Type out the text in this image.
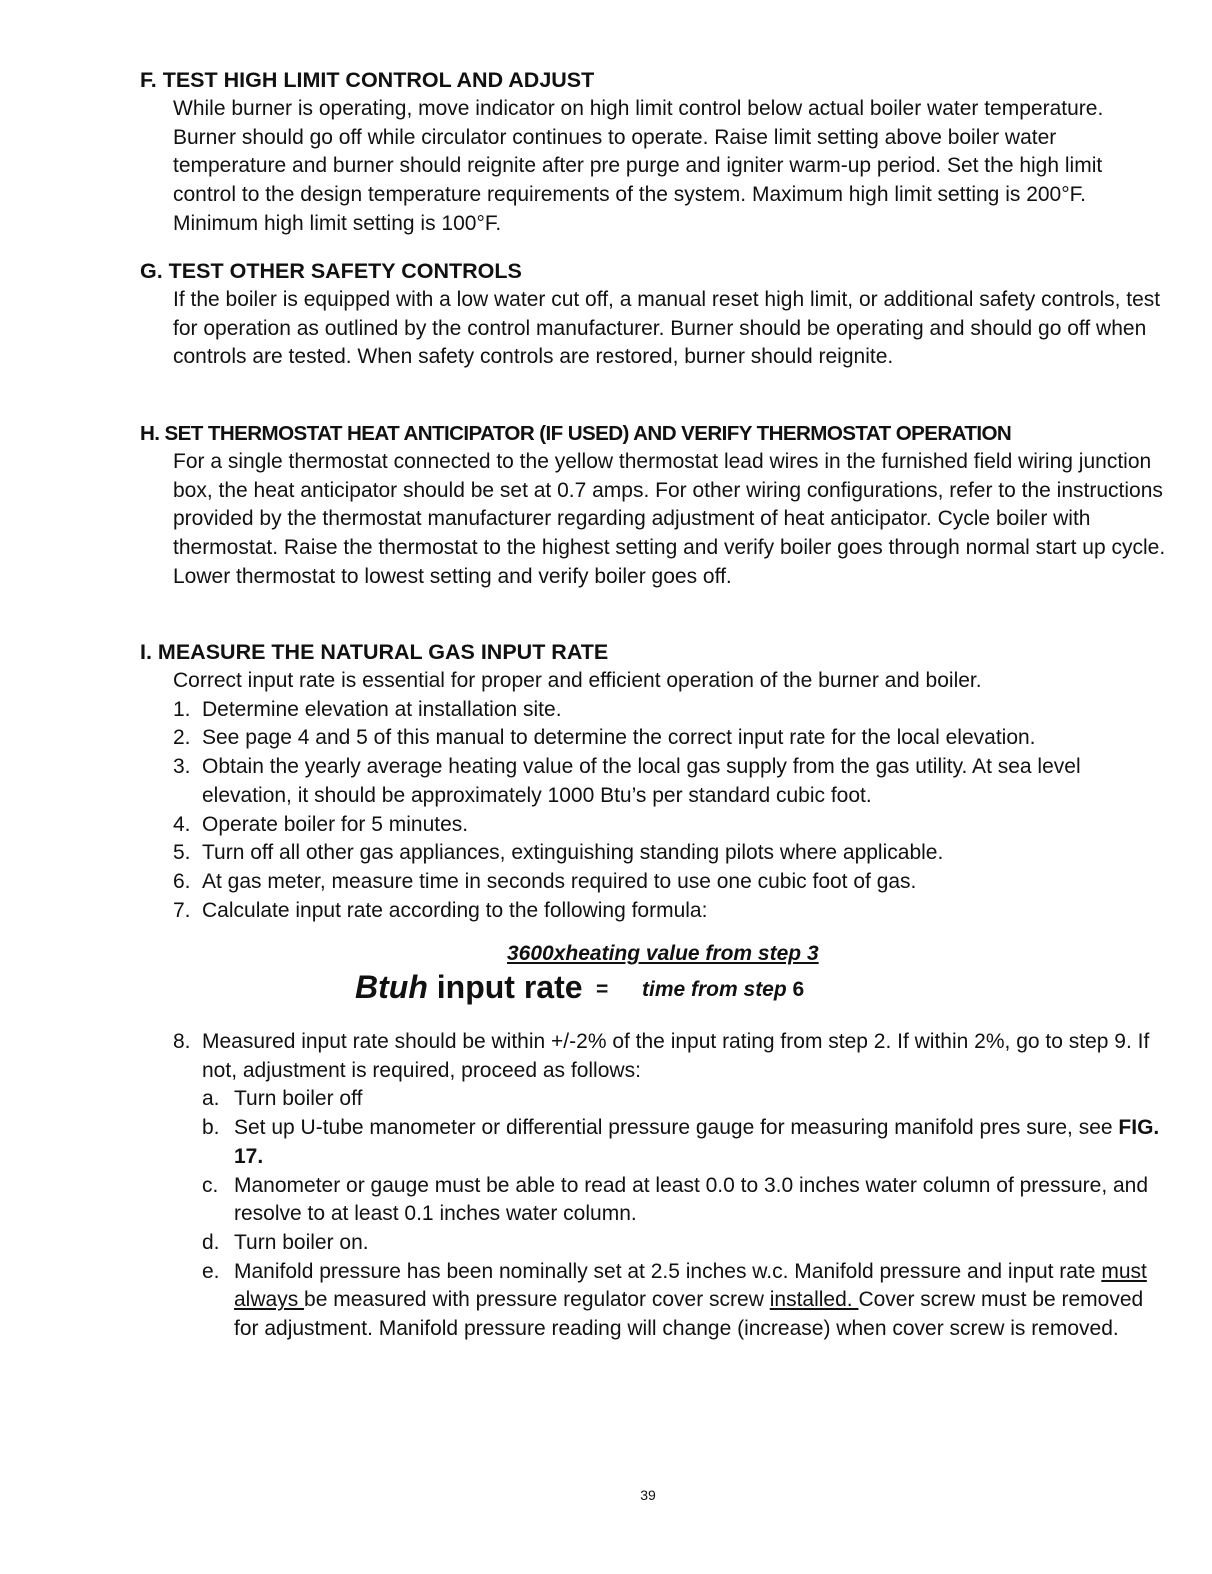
F. TEST HIGH LIMIT CONTROL AND ADJUST

While burner is operating, move indicator on high limit control below actual boiler water temperature. Burner should go off while circulator continues to operate. Raise limit setting above boiler water temperature and burner should reignite after pre purge and igniter warm-up period. Set the high limit control to the design temperature requirements of the system. Maximum high limit setting is 200°F. Minimum high limit setting is 100°F.

G. TEST OTHER SAFETY CONTROLS

If the boiler is equipped with a low water cut off, a manual reset high limit, or additional safety controls, test for operation as outlined by the control manufacturer. Burner should be operating and should go off when controls are tested. When safety controls are restored, burner should reignite.

H. SET THERMOSTAT HEAT ANTICIPATOR (IF USED) AND VERIFY THERMOSTAT OPERATION

For a single thermostat connected to the yellow thermostat lead wires in the furnished field wiring junction box, the heat anticipator should be set at 0.7 amps. For other wiring configurations, refer to the instructions provided by the thermostat manufacturer regarding adjustment of heat anticipator. Cycle boiler with thermostat. Raise the thermostat to the highest setting and verify boiler goes through normal start up cycle. Lower thermostat to lowest setting and verify boiler goes off.

I. MEASURE THE NATURAL GAS INPUT RATE

Correct input rate is essential for proper and efficient operation of the burner and boiler.

1. Determine elevation at installation site.
2. See page 4 and 5 of this manual to determine the correct input rate for the local elevation.
3. Obtain the yearly average heating value of the local gas supply from the gas utility. At sea level elevation, it should be approximately 1000 Btu’s per standard cubic foot.
4. Operate boiler for 5 minutes.
5. Turn off all other gas appliances, extinguishing standing pilots where applicable.
6. At gas meter, measure time in seconds required to use one cubic foot of gas.
7. Calculate input rate according to the following formula:
3600xheating value from step 3
Btuh input rate = time from step 6
8. Measured input rate should be within +/-2% of the input rating from step 2. If within 2%, go to step 9. If not, adjustment is required, proceed as follows:
a. Turn boiler off
b. Set up U-tube manometer or differential pressure gauge for measuring manifold pres sure, see FIG. 17.
c. Manometer or gauge must be able to read at least 0.0 to 3.0 inches water column of pressure, and resolve to at least 0.1 inches water column.
d. Turn boiler on.
e. Manifold pressure has been nominally set at 2.5 inches w.c. Manifold pressure and input rate must always be measured with pressure regulator cover screw installed. Cover screw must be removed for adjustment. Manifold pressure reading will change (increase) when cover screw is removed.
39
